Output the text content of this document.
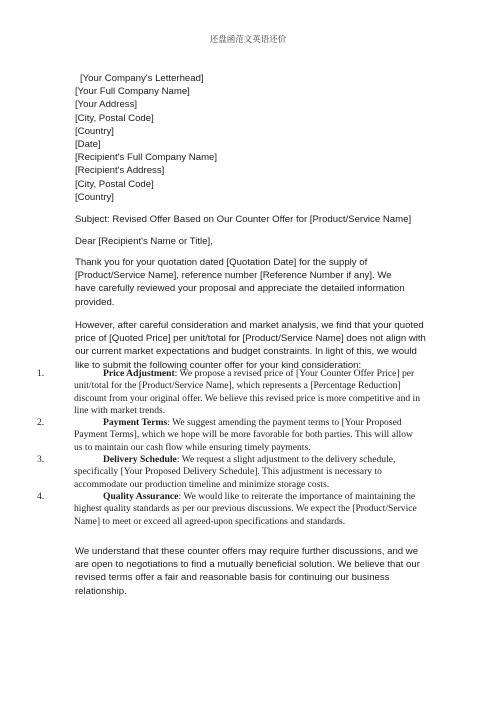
还盘函范文英语还价
[Your Company's Letterhead]
[Your Full Company Name]
[Your Address]
[City, Postal Code]
[Country]
[Date]
[Recipient's Full Company Name]
[Recipient's Address]
[City, Postal Code]
[Country]
Subject: Revised Offer Based on Our Counter Offer for [Product/Service Name]
Dear [Recipient's Name or Title],
Thank you for your quotation dated [Quotation Date] for the supply of [Product/Service Name], reference number [Reference Number if any]. We have carefully reviewed your proposal and appreciate the detailed information provided.
However, after careful consideration and market analysis, we find that your quoted price of [Quoted Price] per unit/total for [Product/Service Name] does not align with our current market expectations and budget constraints. In light of this, we would like to submit the following counter offer for your kind consideration:
1.	Price Adjustment: We propose a revised price of [Your Counter Offer Price] per unit/total for the [Product/Service Name], which represents a [Percentage Reduction] discount from your original offer. We believe this revised price is more competitive and in line with market trends.
2.	Payment Terms: We suggest amending the payment terms to [Your Proposed Payment Terms], which we hope will be more favorable for both parties. This will allow us to maintain our cash flow while ensuring timely payments.
3.	Delivery Schedule: We request a slight adjustment to the delivery schedule, specifically [Your Proposed Delivery Schedule]. This adjustment is necessary to accommodate our production timeline and minimize storage costs.
4.	Quality Assurance: We would like to reiterate the importance of maintaining the highest quality standards as per our previous discussions. We expect the [Product/Service Name] to meet or exceed all agreed-upon specifications and standards.
We understand that these counter offers may require further discussions, and we are open to negotiations to find a mutually beneficial solution. We believe that our revised terms offer a fair and reasonable basis for continuing our business relationship.
